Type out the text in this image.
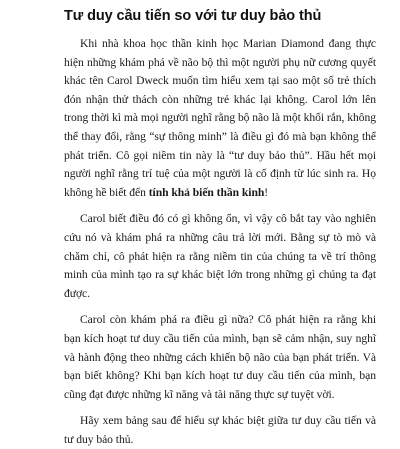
Tư duy cầu tiến so với tư duy bảo thủ

Khi nhà khoa học thần kinh học Marian Diamond đang thực hiện những khám phá về não bộ thì một người phụ nữ cương quyết khác tên Carol Dweck muốn tìm hiểu xem tại sao một số trẻ thích đón nhận thử thách còn những trẻ khác lại không. Carol lớn lên trong thời kì mà mọi người nghĩ rằng bộ não là một khối rắn, không thể thay đổi, rằng “sự thông minh” là điều gì đó mà bạn không thể phát triển. Cô gọi niềm tin này là “tư duy bảo thủ”. Hầu hết mọi người nghĩ rằng trí tuệ của một người là cố định từ lúc sinh ra. Họ không hề biết đến tính khả biến thần kinh!

Carol biết điều đó có gì không ổn, vì vậy cô bắt tay vào nghiên cứu nó và khám phá ra những câu trả lời mới. Bằng sự tò mò và chăm chỉ, cô phát hiện ra rằng niềm tin của chúng ta về trí thông minh của mình tạo ra sự khác biệt lớn trong những gì chúng ta đạt được.

Carol còn khám phá ra điều gì nữa? Cô phát hiện ra rằng khi bạn kích hoạt tư duy cầu tiến của mình, bạn sẽ cảm nhận, suy nghĩ và hành động theo những cách khiến bộ não của bạn phát triển. Và bạn biết không? Khi bạn kích hoạt tư duy cầu tiến của mình, bạn cũng đạt được những kĩ năng và tài năng thực sự tuyệt vời.

Hãy xem bảng sau để hiểu sự khác biệt giữa tư duy cầu tiến và tư duy bảo thủ.
